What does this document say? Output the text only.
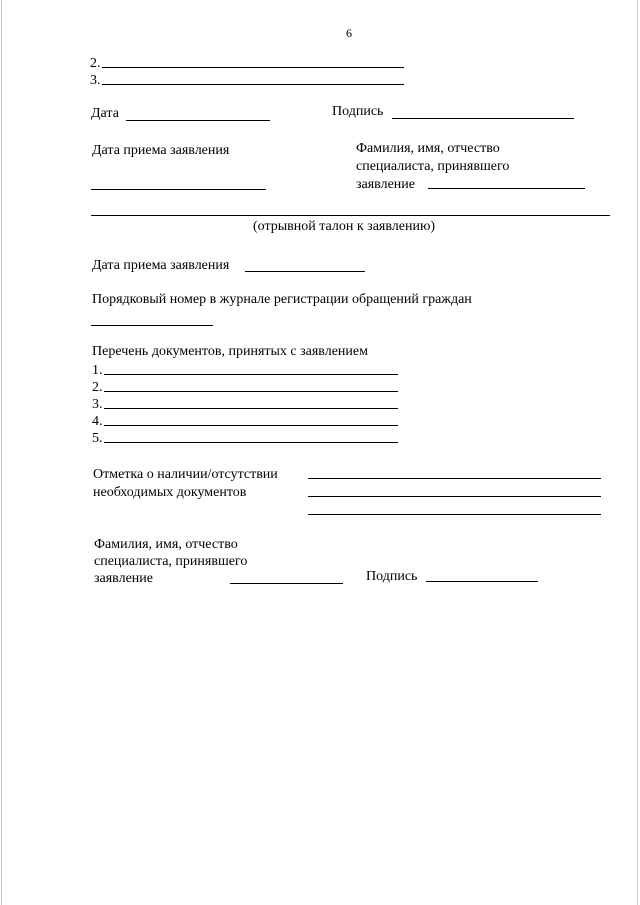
6
2.
3.
Дата	Подпись
Дата приема заявления	Фамилия, имя, отчество
специалиста, принявшего
заявление
(отрывной талон к заявлению)
Дата приема заявления
Порядковый номер в журнале регистрации обращений граждан
Перечень документов, принятых с заявлением
1.
2.
3.
4.
5.
Отметка о наличии/отсутствии
необходимых документов
Фамилия, имя, отчество
специалиста, принявшего
заявление	Подпись
